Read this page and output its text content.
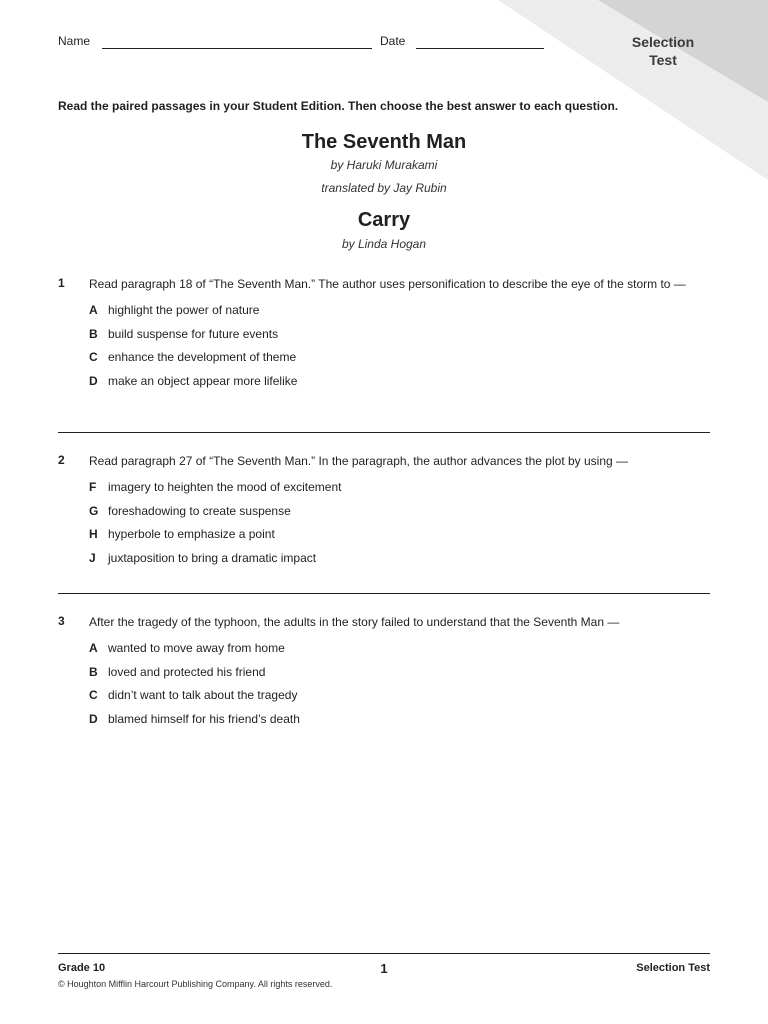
Name	Date	Selection
Test
Read the paired passages in your Student Edition. Then choose the best answer to each question.
The Seventh Man
by Haruki Murakami
translated by Jay Rubin
Carry
by Linda Hogan
1 Read paragraph 18 of “The Seventh Man.” The author uses personification to describe the eye of the storm to —
A highlight the power of nature
B build suspense for future events
C enhance the development of theme
D make an object appear more lifelike
2 Read paragraph 27 of “The Seventh Man.” In the paragraph, the author advances the plot by using —
F imagery to heighten the mood of excitement
G foreshadowing to create suspense
H hyperbole to emphasize a point
J juxtaposition to bring a dramatic impact
3 After the tragedy of the typhoon, the adults in the story failed to understand that the Seventh Man —
A wanted to move away from home
B loved and protected his friend
C didn’t want to talk about the tragedy
D blamed himself for his friend’s death
Grade 10
© Houghton Mifflin Harcourt Publishing Company. All rights reserved.
1	Selection Test
